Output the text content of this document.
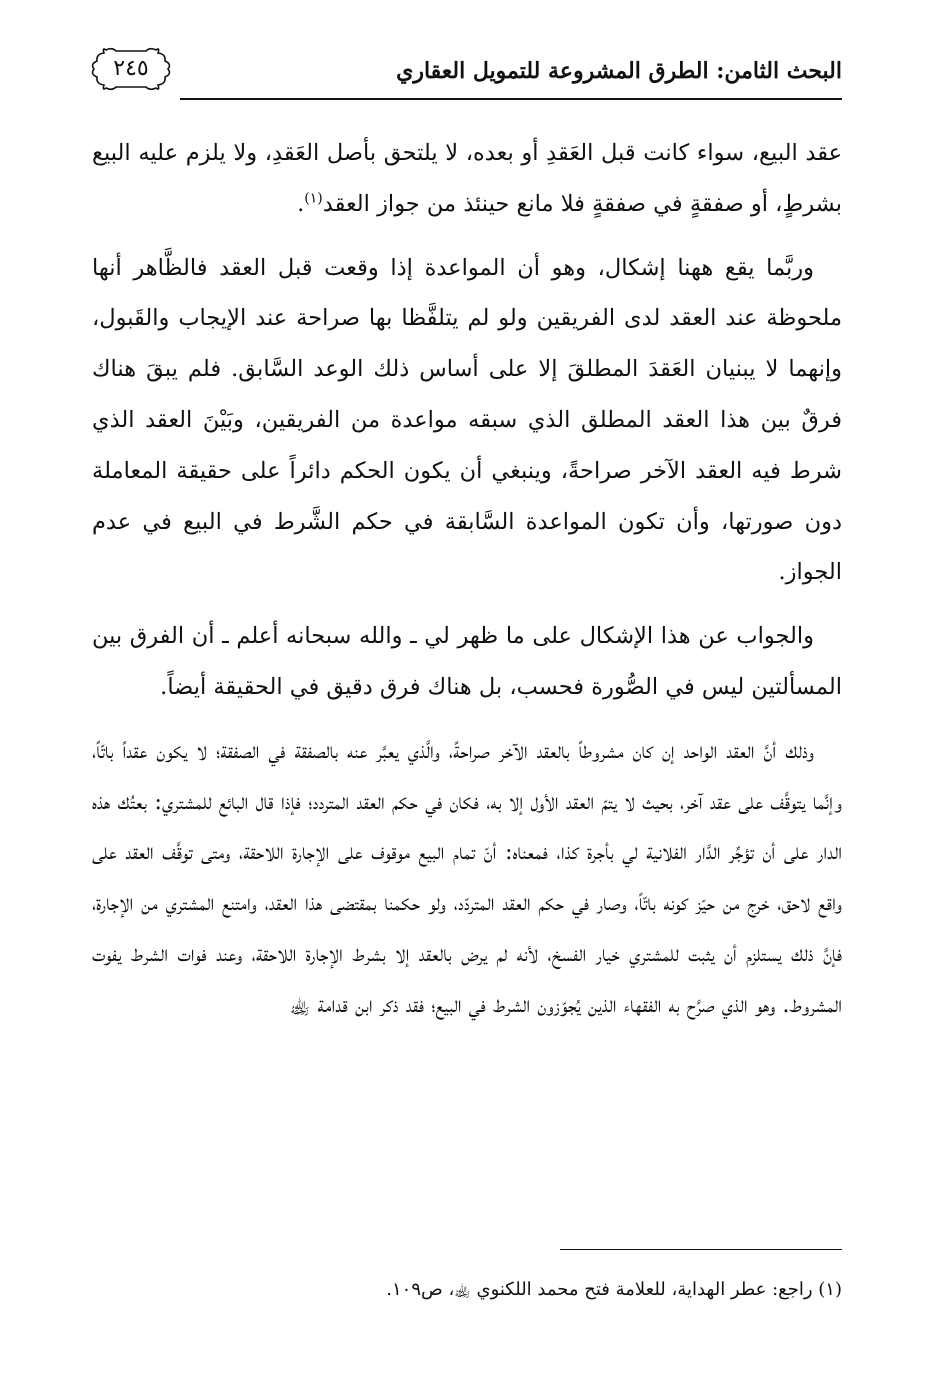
٢٤٥	البحث الثامن: الطرق المشروعة للتمويل العقاري

عقد البيع، سواء كانت قبل العَقدِ أو بعده، لا يلتحق بأصل العَقدِ، ولا يلزم عليه البيع بشرطٍ، أو صفقةٍ في صفقةٍ فلا مانع حينئذ من جواز العقد$^{(١)}$.

وربَّما يقع ههنا إشكال، وهو أن المواعدة إذا وقعت قبل العقد فالظَّاهر أنها ملحوظة عند العقد لدى الفريقين ولو لم يتلفَّظا بها صراحة عند الإيجاب والقَبول، وإنهما لا يبنيان العَقدَ المطلقَ إلا على أساس ذلك الوعد السَّابق. فلم يبقَ هناك فرقٌ بين هذا العقد المطلق الذي سبقه مواعدة من الفريقين، وبَيْنَ العقد الذي شرط فيه العقد الآخر صراحةً، وينبغي أن يكون الحكم دائراً على حقيقة المعاملة دون صورتها، وأن تكون المواعدة السَّابقة في حكم الشَّرط في البيع في عدم الجواز.

والجواب عن هذا الإشكال على ما ظهر لي ـ والله سبحانه أعلم ـ أن الفرق بين المسألتين ليس في الصُّورة فحسب، بل هناك فرق دقيق في الحقيقة أيضاً.

وذلك أنَّ العقد الواحد إن كان مشروطاً بالعقد الآخر صراحةً، والَّذي يعبَّر عنه بالصفقة في الصفقة؛ لا يكون عقداً باتّاً، وإنَّما يتوقَّف على عقد آخر، بحيث لا يتمّ العقد الأول إلا به، فكان في حكم العقد المتردد؛ فإذا قال البائع للمشتري: بعتُك هذه الدار على أن تؤجِّر الدَّار الفلانية لي بأجرة كذا، فمعناه: أنّ تمام البيع موقوف على الإجارة اللاحقة، ومتى توقَّف العقد على واقع لاحق، خرج من حيّز كونه باتّاً، وصار في حكم العقد المتردّد، ولو حكمنا بمقتضى هذا العقد، وامتنع المشتري من الإجارة، فإنَّ ذلك يستلزم أن يثبت للمشتري خيار الفسخ، لأنه لم يرض بالعقد إلا بشرط الإجارة اللاحقة، وعند فوات الشرط يفوت المشروط. وهو الذي صرَّح به الفقهاء الذين يُجوّزون الشرط في البيع؛ فقد ذكر ابن قدامة ﵀

(١) راجع: عطر الهداية، للعلامة فتح محمد اللكنوي ﵀، ص١٠٩.
